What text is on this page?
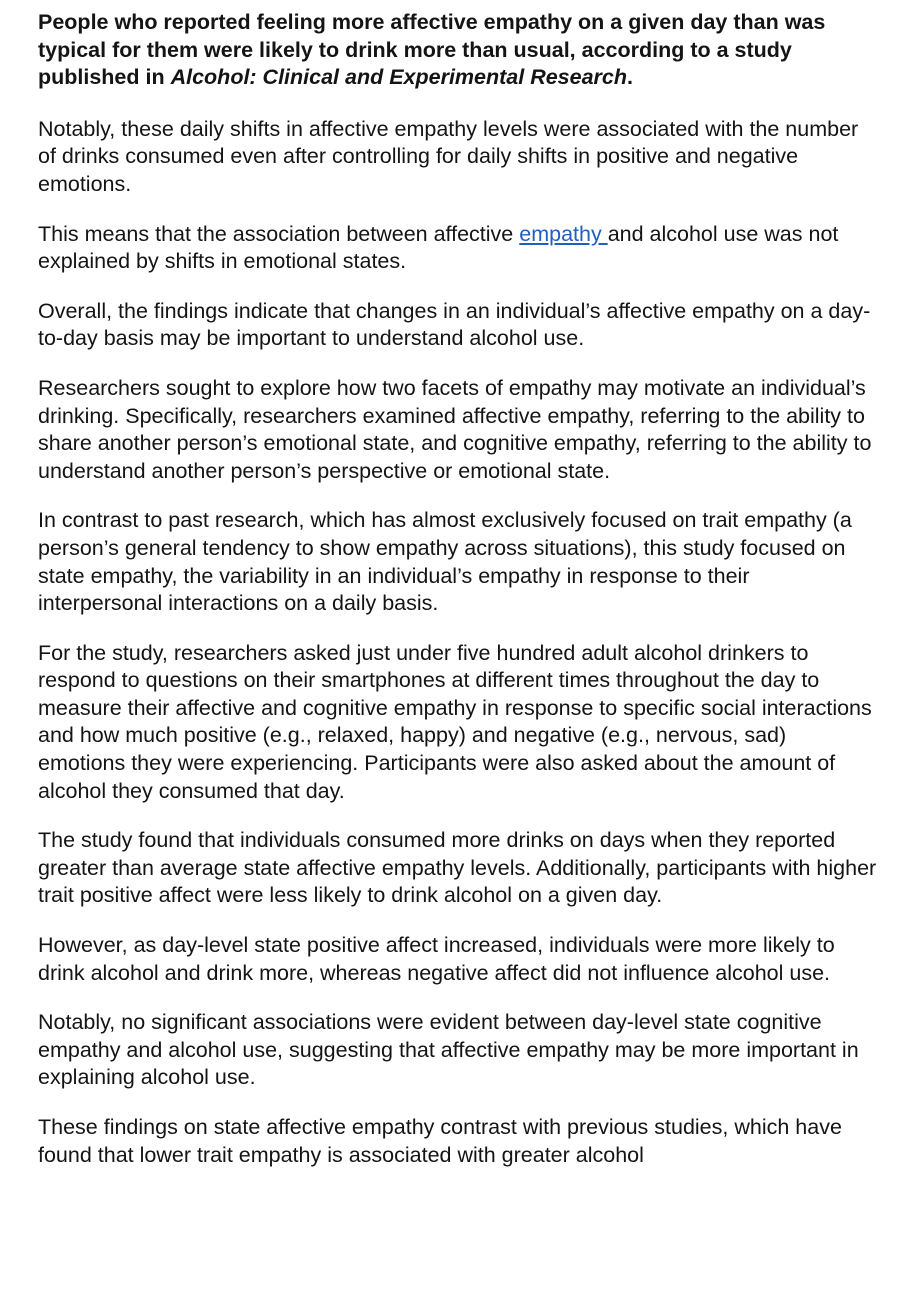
People who reported feeling more affective empathy on a given day than was typical for them were likely to drink more than usual, according to a study published in Alcohol: Clinical and Experimental Research.

Notably, these daily shifts in affective empathy levels were associated with the number of drinks consumed even after controlling for daily shifts in positive and negative emotions.

This means that the association between affective empathy and alcohol use was not explained by shifts in emotional states.

Overall, the findings indicate that changes in an individual’s affective empathy on a day-to-day basis may be important to understand alcohol use.

Researchers sought to explore how two facets of empathy may motivate an individual’s drinking. Specifically, researchers examined affective empathy, referring to the ability to share another person’s emotional state, and cognitive empathy, referring to the ability to understand another person’s perspective or emotional state.

In contrast to past research, which has almost exclusively focused on trait empathy (a person’s general tendency to show empathy across situations), this study focused on state empathy, the variability in an individual’s empathy in response to their interpersonal interactions on a daily basis.

For the study, researchers asked just under five hundred adult alcohol drinkers to respond to questions on their smartphones at different times throughout the day to measure their affective and cognitive empathy in response to specific social interactions and how much positive (e.g., relaxed, happy) and negative (e.g., nervous, sad) emotions they were experiencing. Participants were also asked about the amount of alcohol they consumed that day.

The study found that individuals consumed more drinks on days when they reported greater than average state affective empathy levels. Additionally, participants with higher trait positive affect were less likely to drink alcohol on a given day.

However, as day-level state positive affect increased, individuals were more likely to drink alcohol and drink more, whereas negative affect did not influence alcohol use.

Notably, no significant associations were evident between day-level state cognitive empathy and alcohol use, suggesting that affective empathy may be more important in explaining alcohol use.

These findings on state affective empathy contrast with previous studies, which have found that lower trait empathy is associated with greater alcohol
